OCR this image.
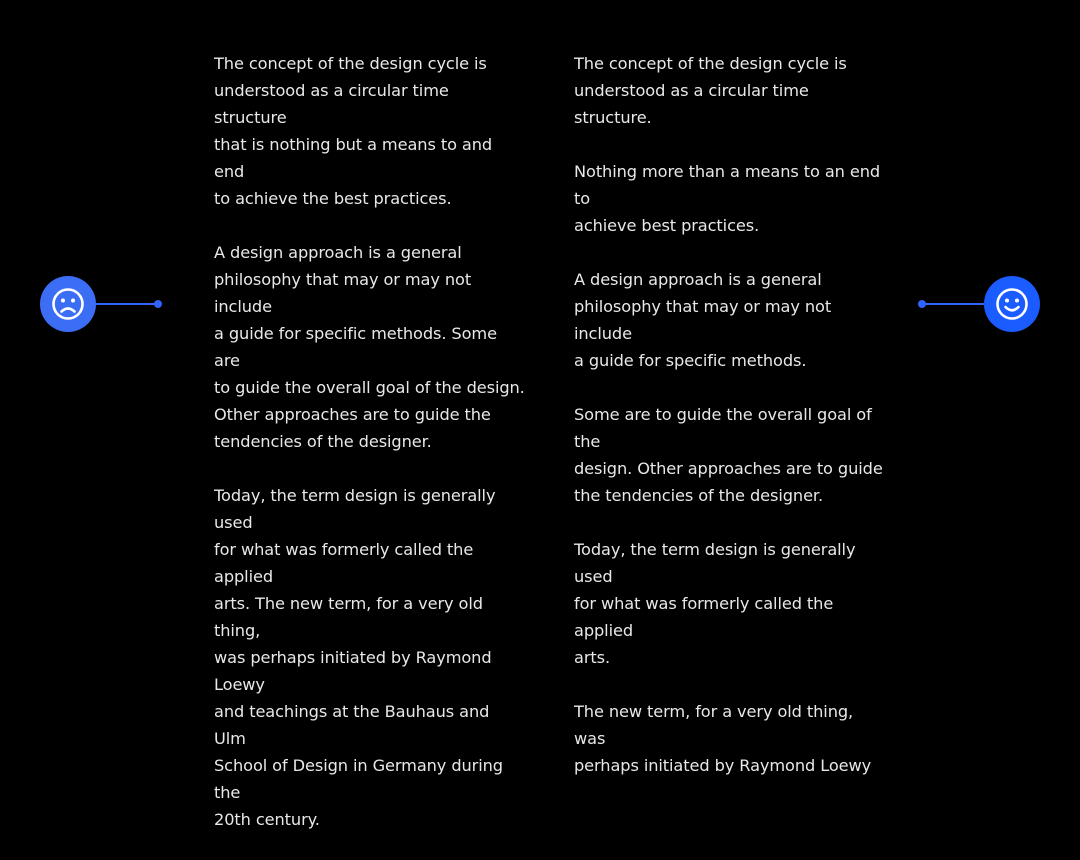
The concept of the design cycle is
understood as a circular time structure
that is nothing but a means to and end
to achieve the best practices.

A design approach is a general
philosophy that may or may not include
a guide for specific methods. Some are
to guide the overall goal of the design.
Other approaches are to guide the
tendencies of the designer.

Today, the term design is generally used
for what was formerly called the applied
arts. The new term, for a very old thing,
was perhaps initiated by Raymond Loewy
and teachings at the Bauhaus and Ulm
School of Design in Germany during the
20th century.

The concept of the design cycle is
understood as a circular time structure.

Nothing more than a means to an end to
achieve best practices.

A design approach is a general
philosophy that may or may not include
a guide for specific methods.

Some are to guide the overall goal of the
design. Other approaches are to guide
the tendencies of the designer.

Today, the term design is generally used
for what was formerly called the applied
arts.

The new term, for a very old thing, was
perhaps initiated by Raymond Loewy
